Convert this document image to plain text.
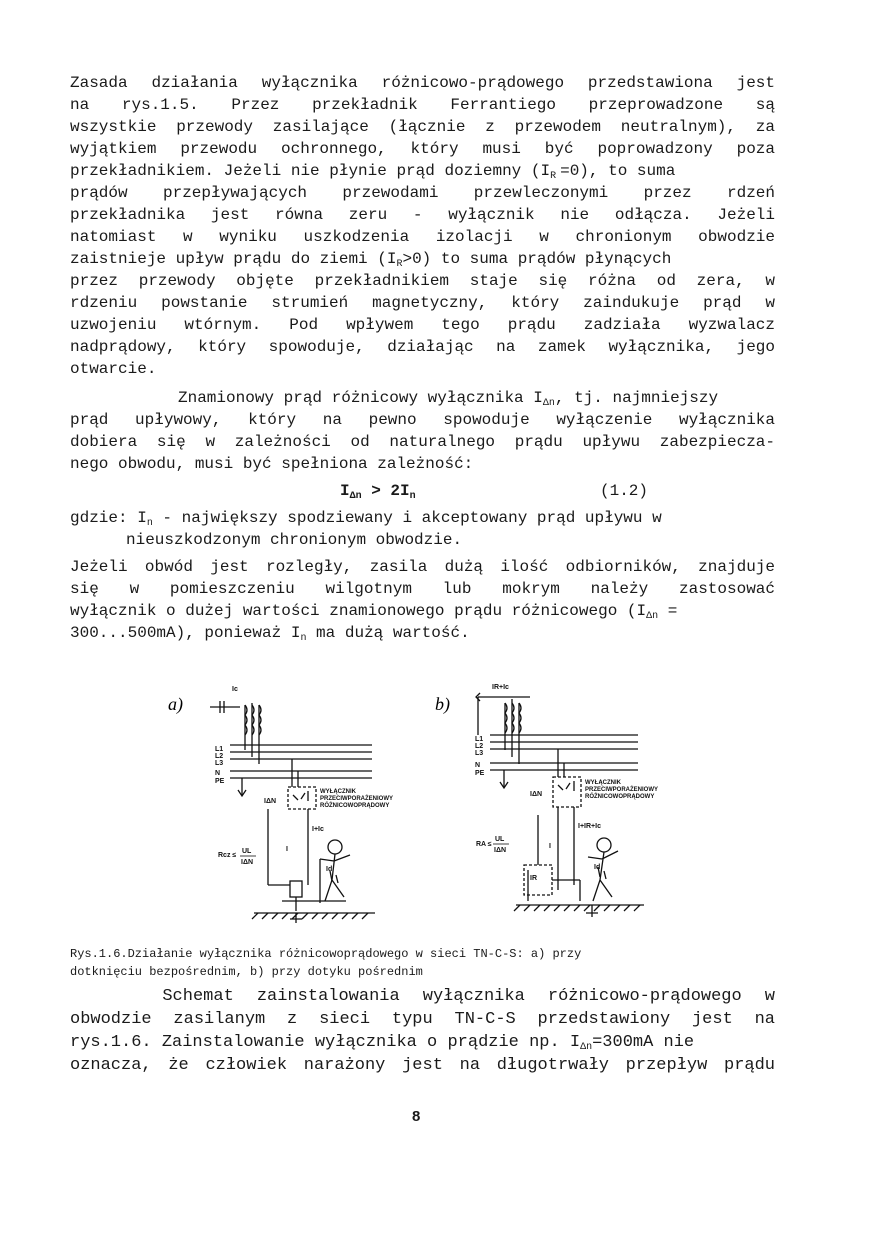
Zasada działania wyłącznika różnicowo-prądowego przedstawiona jest
na rys.1.5. Przez przekładnik Ferrantiego przeprowadzone są
wszystkie przewody zasilające (łącznie z przewodem neutralnym), za
wyjątkiem przewodu ochronnego, który musi być poprowadzony poza
przekładnikiem. Jeżeli nie płynie prąd doziemny $(I_R =0)$, to suma
prądów przepływających przewodami przewleczonymi przez rdzeń
przekładnika jest równa zeru - wyłącznik nie odłącza. Jeżeli
natomiast w wyniku uszkodzenia izolacji w chronionym obwodzie
zaistnieje upływ prądu do ziemi $(I_R>0)$ to suma prądów płynących
przez przewody objęte przekładnikiem staje się różna od zera, w
rdzeniu powstanie strumień magnetyczny, który zaindukuje prąd w
uzwojeniu wtórnym. Pod wpływem tego prądu zadziała wyzwalacz
nadprądowy, który spowoduje, działając na zamek wyłącznika, jego
otwarcie.
Znamionowy prąd różnicowy wyłącznika $I_{\Delta n}$, tj. najmniejszy
prąd upływowy, który na pewno spowoduje wyłączenie wyłącznika
dobiera się w zależności od naturalnego prądu upływu zabezpiecza-
nego obwodu, musi być spełniona zależność:
$I_{\Delta n} > 2I_n$	(1.2)
gdzie: $I_n$ - największy spodziewany i akceptowany prąd upływu w
nieuszkodzonym chronionym obwodzie.
Jeżeli obwód jest rozległy, zasila dużą ilość odbiorników, znajduje
się w pomieszczeniu wilgotnym lub mokrym należy zastosować
wyłącznik o dużej wartości znamionowego prądu różnicowego ($I_{\Delta n}$ =
300...500mA), ponieważ $I_n$ ma dużą wartość.
a)	b)
Ic
L1
L2
L3
N
PE
IΔN
WYŁĄCZNIK
PRZECIWPORAŻENIOWY
RÓŻNICOWOPRĄDOWY
I+Ic
Rcz ≤
UL
IΔN
I
Id
IR+Ic
L1
L2
L3
N
PE
IΔN
WYŁĄCZNIK
PRZECIWPORAŻENIOWY
RÓŻNICOWOPRĄDOWY
I+IR+Ic
RA ≤
UL
IΔN
I
IR
Id
Rys.1.6.Działanie wyłącznika różnicowoprądowego w sieci TN-C-S: a) przy
dotknięciu bezpośrednim, b) przy dotyku pośrednim
Schemat zainstalowania wyłącznika różnicowo-prądowego w
obwodzie zasilanym z sieci typu TN-C-S przedstawiony jest na
rys.1.6. Zainstalowanie wyłącznika o prądzie np. $I_{\Delta n}=300mA$ nie
oznacza, że człowiek narażony jest na długotrwały przepływ prądu
8
